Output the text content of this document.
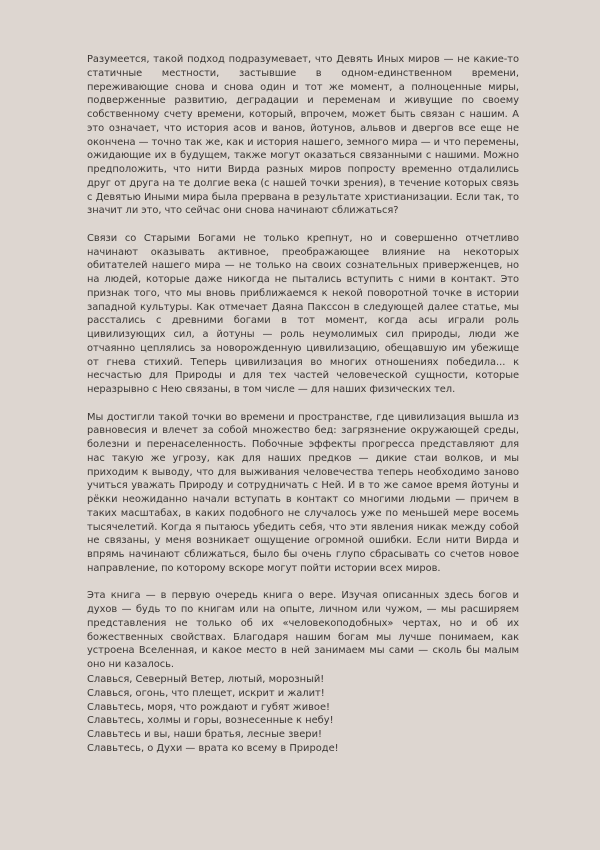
Разумеется, такой подход подразумевает, что Девять Иных миров — не какие-то статичные местности, застывшие в одном-единственном времени, переживающие снова и снова один и тот же момент, а полноценные миры, подверженные развитию, деградации и переменам и живущие по своему собственному счету времени, который, впрочем, может быть связан с нашим. А это означает, что история асов и ванов, йотунов, альвов и двергов все еще не окончена — точно так же, как и история нашего, земного мира — и что перемены, ожидающие их в будущем, также могут оказаться связанными с нашими. Можно предположить, что нити Вирда разных миров попросту временно отдалились друг от друга на те долгие века (с нашей точки зрения), в течение которых связь с Девятью Иными мира была прервана в результате христианизации. Если так, то значит ли это, что сейчас они снова начинают сближаться?

Связи со Старыми Богами не только крепнут, но и совершенно отчетливо начинают оказывать активное, преображающее влияние на некоторых обитателей нашего мира — не только на своих сознательных приверженцев, но на людей, которые даже никогда не пытались вступить с ними в контакт. Это признак того, что мы вновь приближаемся к некой поворотной точке в истории западной культуры. Как отмечает Даяна Пакссон в следующей далее статье, мы расстались с древними богами в тот момент, когда асы играли роль цивилизующих сил, а йотуны — роль неумолимых сил природы, люди же отчаянно цеплялись за новорожденную цивилизацию, обещавшую им убежище от гнева стихий. Теперь цивилизация во многих отношениях победила... к несчастью для Природы и для тех частей человеческой сущности, которые неразрывно с Нею связаны, в том числе — для наших физических тел.

Мы достигли такой точки во времени и пространстве, где цивилизация вышла из равновесия и влечет за собой множество бед: загрязнение окружающей среды, болезни и перенаселенность. Побочные эффекты прогресса представляют для нас такую же угрозу, как для наших предков — дикие стаи волков, и мы приходим к выводу, что для выживания человечества теперь необходимо заново учиться уважать Природу и сотрудничать с Ней. И в то же самое время йотуны и рёкки неожиданно начали вступать в контакт со многими людьми — причем в таких масштабах, в каких подобного не случалось уже по меньшей мере восемь тысячелетий. Когда я пытаюсь убедить себя, что эти явления никак между собой не связаны, у меня возникает ощущение огромной ошибки. Если нити Вирда и впрямь начинают сближаться, было бы очень глупо сбрасывать со счетов новое направление, по которому вскоре могут пойти истории всех миров.

Эта книга — в первую очередь книга о вере. Изучая описанных здесь богов и духов — будь то по книгам или на опыте, личном или чужом, — мы расширяем представления не только об их «человекоподобных» чертах, но и об их божественных свойствах. Благодаря нашим богам мы лучше понимаем, как устроена Вселенная, и какое место в ней занимаем мы сами — сколь бы малым оно ни казалось.

Славься, Северный Ветер, лютый, морозный!
Славься, огонь, что плещет, искрит и жалит!
Славьтесь, моря, что рождают и губят живое!
Славьтесь, холмы и горы, вознесенные к небу!
Славьтесь и вы, наши братья, лесные звери!
Славьтесь, о Духи — врата ко всему в Природе!
